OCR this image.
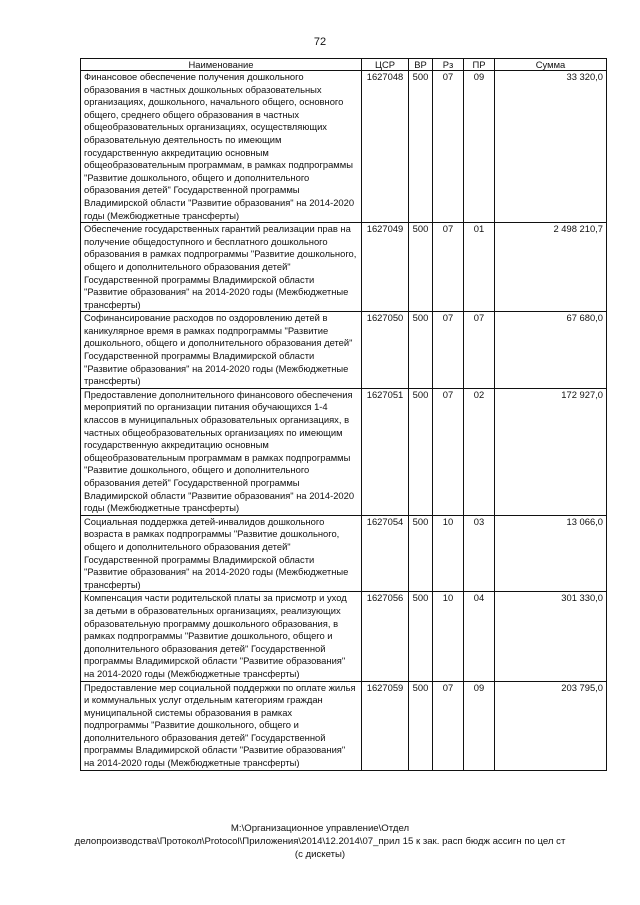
72
Наименование	ЦСР	ВР	Рз	ПР	Сумма
Финансовое обеспечение получения дошкольного образования в частных дошкольных образовательных организациях, дошкольного, начального общего, основного общего, среднего общего образования в частных общеобразовательных организациях, осуществляющих образовательную деятельность по имеющим государственную аккредитацию основным общеобразовательным программам, в рамках подпрограммы "Развитие дошкольного, общего и дополнительного образования детей" Государственной программы Владимирской области "Развитие образования" на 2014-2020 годы (Межбюджетные трансферты)	1627048	500	07	09	33 320,0
Обеспечение государственных гарантий реализации прав на получение общедоступного и бесплатного дошкольного образования в рамках подпрограммы "Развитие дошкольного, общего и дополнительного образования детей" Государственной программы Владимирской области "Развитие образования" на 2014-2020 годы (Межбюджетные трансферты)	1627049	500	07	01	2 498 210,7
Софинансирование расходов по оздоровлению детей в каникулярное время в рамках подпрограммы "Развитие дошкольного, общего и дополнительного образования детей" Государственной программы Владимирской области "Развитие образования" на 2014-2020 годы (Межбюджетные трансферты)	1627050	500	07	07	67 680,0
Предоставление дополнительного финансового обеспечения мероприятий по организации питания обучающихся 1-4 классов в муниципальных образовательных организациях, в частных общеобразовательных организациях по имеющим государственную аккредитацию основным общеобразовательным программам в рамках подпрограммы "Развитие дошкольного, общего и дополнительного образования детей" Государственной программы Владимирской области "Развитие образования" на 2014-2020 годы (Межбюджетные трансферты)	1627051	500	07	02	172 927,0
Социальная поддержка детей-инвалидов дошкольного возраста в рамках подпрограммы "Развитие дошкольного, общего и дополнительного образования детей" Государственной программы Владимирской области "Развитие образования" на 2014-2020 годы (Межбюджетные трансферты)	1627054	500	10	03	13 066,0
Компенсация части родительской платы за присмотр и уход за детьми в образовательных организациях, реализующих образовательную программу дошкольного образования, в рамках подпрограммы "Развитие дошкольного, общего и дополнительного образования детей" Государственной программы Владимирской области "Развитие образования" на 2014-2020 годы (Межбюджетные трансферты)	1627056	500	10	04	301 330,0
Предоставление мер социальной поддержки по оплате жилья и коммунальных услуг отдельным категориям граждан муниципальной системы образования в рамках подпрограммы "Развитие дошкольного, общего и дополнительного образования детей" Государственной программы Владимирской области "Развитие образования" на 2014-2020 годы (Межбюджетные трансферты)	1627059	500	07	09	203 795,0
M:\Организационное управление\Отдел
делопроизводства\Протокол\Protocol\Приложения\2014\12.2014\07_прил 15 к зак. расп бюдж ассигн по цел ст
(с дискеты)
